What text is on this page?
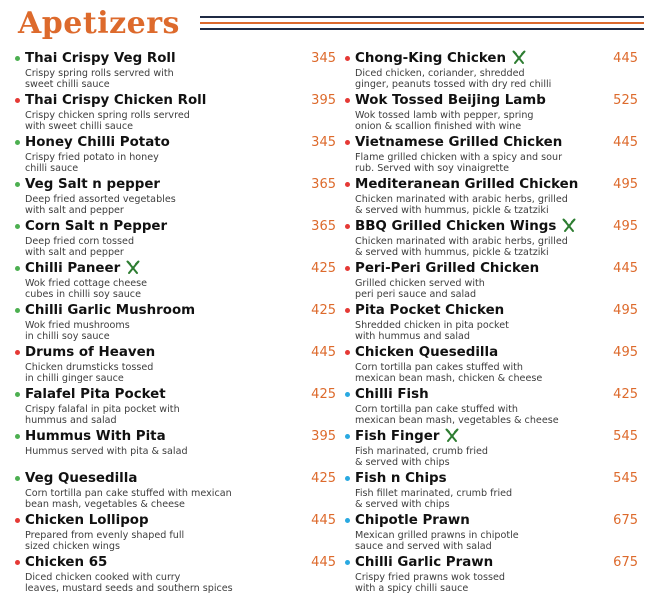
Apetizers
Thai Crispy Veg Roll	345
Crispy spring rolls servred with
sweet chilli sauce
Thai Crispy Chicken Roll	395
Crispy chicken spring rolls servred
with sweet chilli sauce
Honey Chilli Potato	345
Crispy fried potato in honey
chilli sauce
Veg Salt n pepper	365
Deep fried assorted vegetables
with salt and pepper
Corn Salt n Pepper	365
Deep fried corn tossed
with salt and pepper
Chilli Paneer	425
Wok fried cottage cheese
cubes in chilli soy sauce
Chilli Garlic Mushroom	425
Wok fried mushrooms
in chilli soy sauce
Drums of Heaven	445
Chicken drumsticks tossed
in chilli ginger sauce
Falafel Pita Pocket	425
Crispy falafal in pita pocket with
hummus and salad
Hummus With Pita	395
Hummus served with pita & salad
Veg Quesedilla	425
Corn tortilla pan cake stuffed with mexican
bean mash, vegetables & cheese
Chicken Lollipop	445
Prepared from evenly shaped full
sized chicken wings
Chicken 65	445
Diced chicken cooked with curry
leaves, mustard seeds and southern spices
Chong-King Chicken	445
Diced chicken, coriander, shredded
ginger, peanuts tossed with dry red chilli
Wok Tossed Beijing Lamb	525
Wok tossed lamb with pepper, spring
onion & scallion finished with wine
Vietnamese Grilled Chicken	445
Flame grilled chicken with a spicy and sour
rub. Served with soy vinaigrette
Mediteranean Grilled Chicken	495
Chicken marinated with arabic herbs, grilled
& served with hummus, pickle & tzatziki
BBQ Grilled Chicken Wings	495
Chicken marinated with arabic herbs, grilled
& served with hummus, pickle & tzatziki
Peri-Peri Grilled Chicken	445
Grilled chicken served with
peri peri sauce and salad
Pita Pocket Chicken	495
Shredded chicken in pita pocket
with hummus and salad
Chicken Quesedilla	495
Corn tortilla pan cakes stuffed with
mexican bean mash, chicken & cheese
Chilli Fish	425
Corn tortilla pan cake stuffed with
mexican bean mash, vegetables & cheese
Fish Finger	545
Fish marinated, crumb fried
& served with chips
Fish n Chips	545
Fish fillet marinated, crumb fried
& served with chips
Chipotle Prawn	675
Mexican grilled prawns in chipotle
sauce and served with salad
Chilli Garlic Prawn	675
Crispy fried prawns wok tossed
with a spicy chilli sauce
